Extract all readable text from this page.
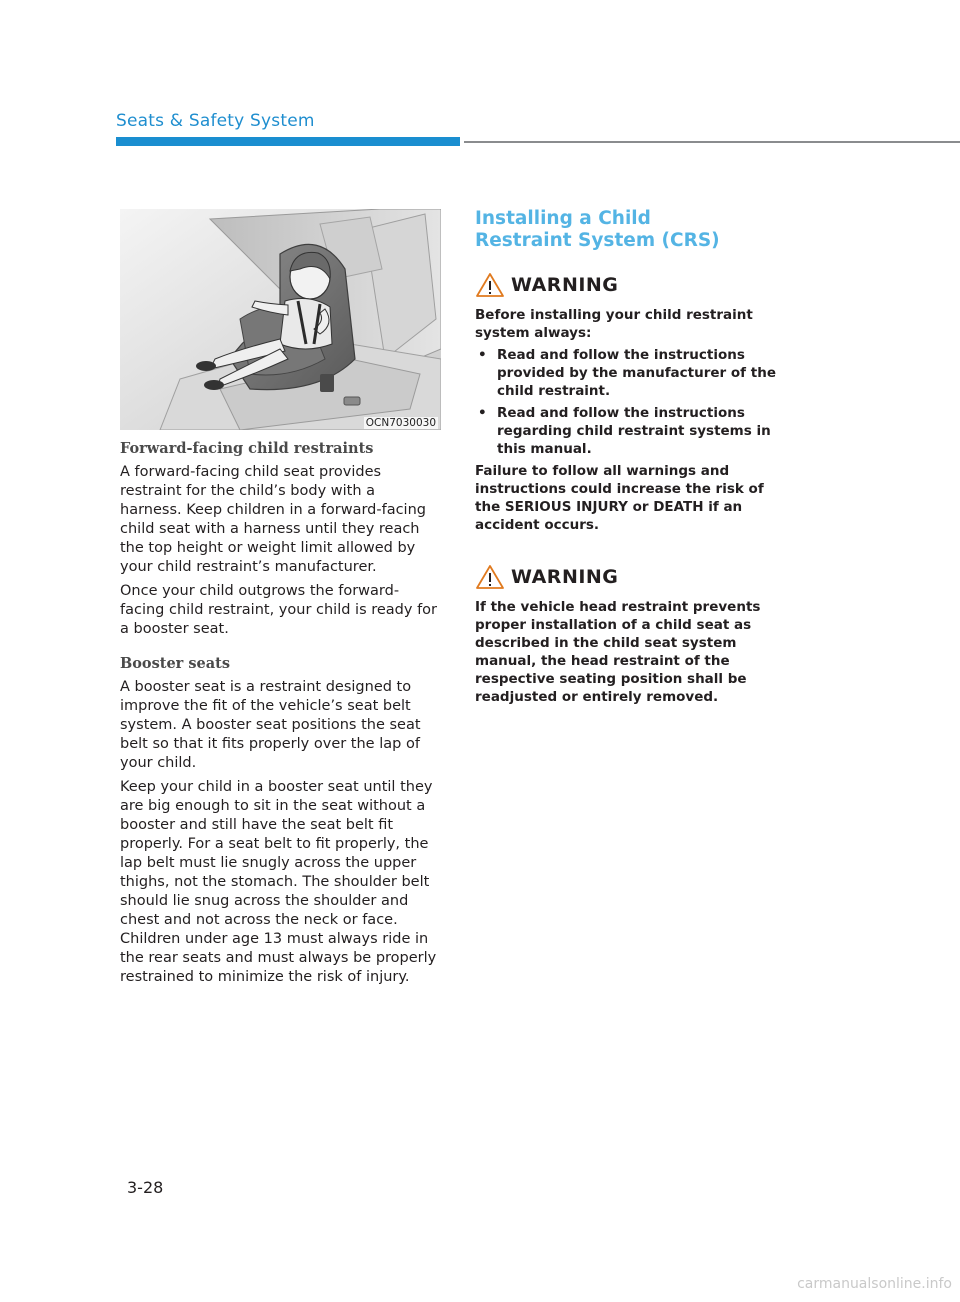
Seats & Safety System
OCN7030030

Forward-facing child restraints

A forward-facing child seat provides restraint for the child’s body with a harness. Keep children in a forward-facing child seat with a harness until they reach the top height or weight limit allowed by your child restraint’s manufacturer.

Once your child outgrows the forward-facing child restraint, your child is ready for a booster seat.

Booster seats

A booster seat is a restraint designed to improve the fit of the vehicle’s seat belt system. A booster seat positions the seat belt so that it fits properly over the lap of your child.

Keep your child in a booster seat until they are big enough to sit in the seat without a booster and still have the seat belt fit properly. For a seat belt to fit properly, the lap belt must lie snugly across the upper thighs, not the stomach. The shoulder belt should lie snug across the shoulder and chest and not across the neck or face. Children under age 13 must always ride in the rear seats and must always be properly restrained to minimize the risk of injury.

Installing a Child Restraint System (CRS)
WARNING

Before installing your child restraint system always:

• Read and follow the instructions provided by the manufacturer of the child restraint.
• Read and follow the instructions regarding child restraint systems in this manual.

Failure to follow all warnings and instructions could increase the risk of the SERIOUS INJURY or DEATH if an accident occurs.

WARNING

If the vehicle head restraint prevents proper installation of a child seat as described in the child seat system manual, the head restraint of the respective seating position shall be readjusted or entirely removed.

3-28
carmanualsonline.info
